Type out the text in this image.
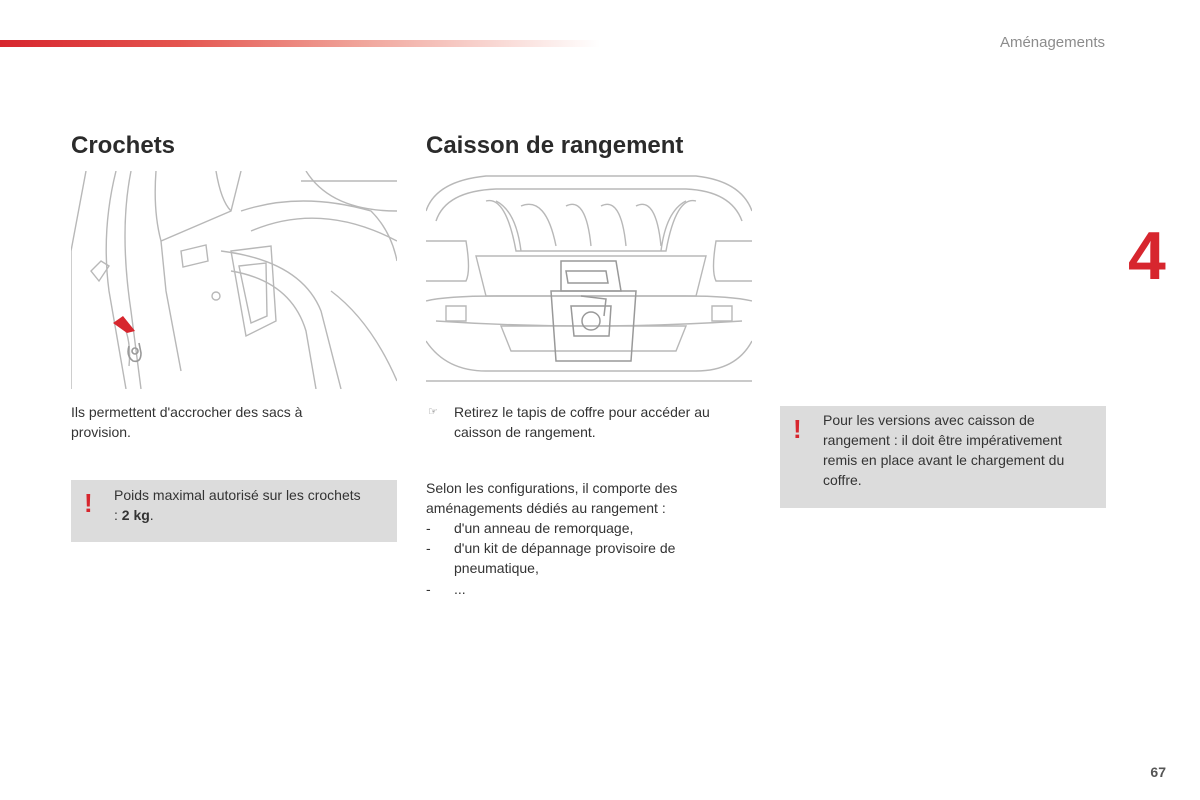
Aménagements
4
67
Crochets

Ils permettent d'accrocher des sacs à provision.

! Poids maximal autorisé sur les crochets : 2 kg.

Caisson de rangement
☞ Retirez le tapis de coffre pour accéder au caisson de rangement.

Selon les configurations, il comporte des aménagements dédiés au rangement :

- d'un anneau de remorquage,
- d'un kit de dépannage provisoire de pneumatique,
- ...
! Pour les versions avec caisson de rangement : il doit être impérativement remis en place avant le chargement du coffre.
